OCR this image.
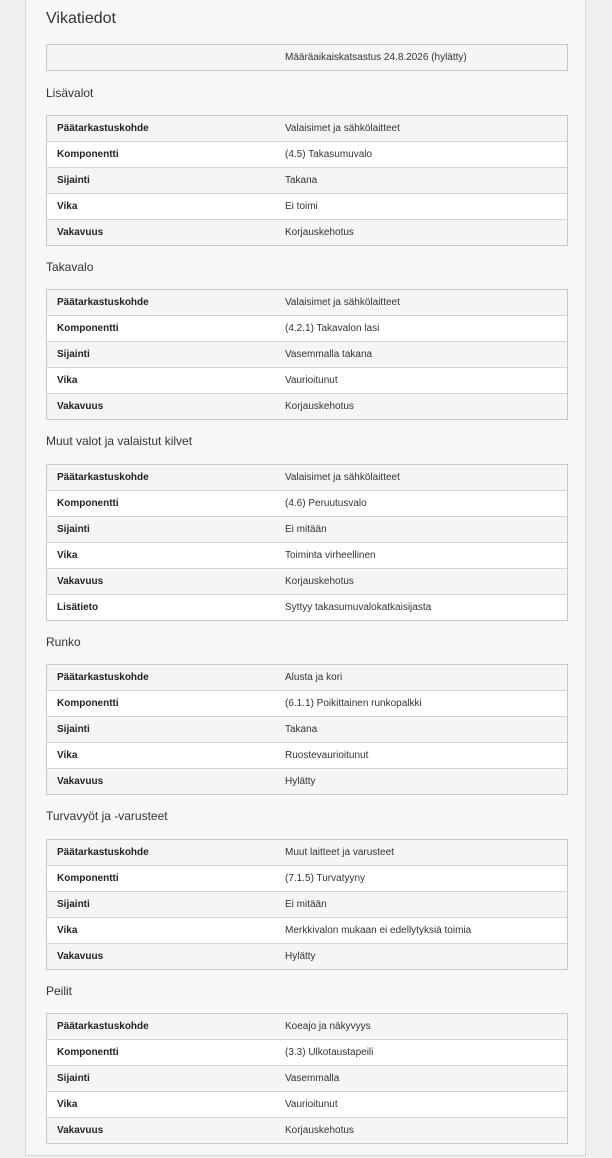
Vikatiedot
	Määräaikaiskatsastus 24.8.2026 (hylätty)
Lisävalot
Päätarkastuskohde	Valaisimet ja sähkölaitteet
Komponentti	(4.5) Takasumuvalo
Sijainti	Takana
Vika	Ei toimi
Vakavuus	Korjauskehotus
Takavalo
Päätarkastuskohde	Valaisimet ja sähkölaitteet
Komponentti	(4.2.1) Takavalon lasi
Sijainti	Vasemmalla takana
Vika	Vaurioitunut
Vakavuus	Korjauskehotus
Muut valot ja valaistut kilvet
Päätarkastuskohde	Valaisimet ja sähkölaitteet
Komponentti	(4.6) Peruutusvalo
Sijainti	Ei mitään
Vika	Toiminta virheellinen
Vakavuus	Korjauskehotus
Lisätieto	Syttyy takasumuvalokatkaisijasta
Runko
Päätarkastuskohde	Alusta ja kori
Komponentti	(6.1.1) Poikittainen runkopalkki
Sijainti	Takana
Vika	Ruostevaurioitunut
Vakavuus	Hylätty
Turvavyöt ja -varusteet
Päätarkastuskohde	Muut laitteet ja varusteet
Komponentti	(7.1.5) Turvatyyny
Sijainti	Ei mitään
Vika	Merkkivalon mukaan ei edellytyksiä toimia
Vakavuus	Hylätty
Peilit
Päätarkastuskohde	Koeajo ja näkyvyys
Komponentti	(3.3) Ulkotaustapeili
Sijainti	Vasemmalla
Vika	Vaurioitunut
Vakavuus	Korjauskehotus
